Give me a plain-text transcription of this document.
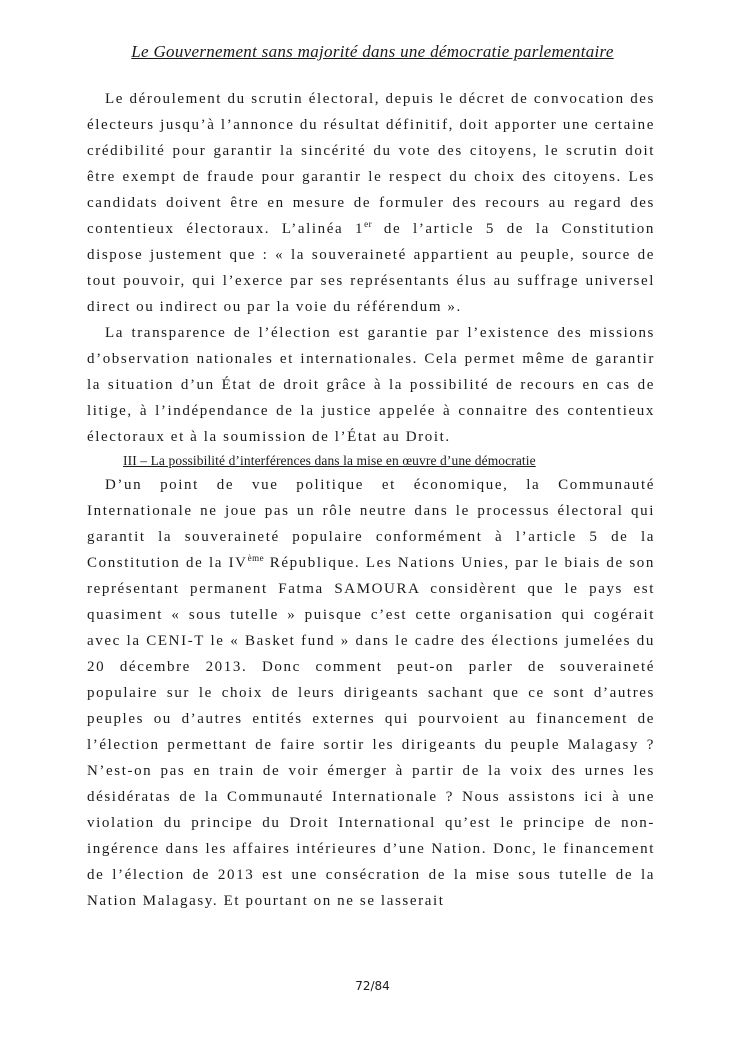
Le Gouvernement sans majorité dans une démocratie parlementaire

Le déroulement du scrutin électoral, depuis le décret de convocation des électeurs jusqu’à l’annonce du résultat définitif, doit apporter une certaine crédibilité pour garantir la sincérité du vote des citoyens, le scrutin doit être exempt de fraude pour garantir le respect du choix des citoyens. Les candidats doivent être en mesure de formuler des recours au regard des contentieux électoraux. L’alinéa 1er de l’article 5 de la Constitution dispose justement que : « la souveraineté appartient au peuple, source de tout pouvoir, qui l’exerce par ses représentants élus au suffrage universel direct ou indirect ou par la voie du référendum ».

La transparence de l’élection est garantie par l’existence des missions d’observation nationales et internationales. Cela permet même de garantir la situation d’un État de droit grâce à la possibilité de recours en cas de litige, à l’indépendance de la justice appelée à connaitre des contentieux électoraux et à la soumission de l’État au Droit.

III – La possibilité d’interférences dans la mise en œuvre d’une démocratie

D’un point de vue politique et économique, la Communauté Internationale ne joue pas un rôle neutre dans le processus électoral qui garantit la souveraineté populaire conformément à l’article 5 de la Constitution de la IVème République. Les Nations Unies, par le biais de son représentant permanent Fatma SAMOURA considèrent que le pays est quasiment « sous tutelle » puisque c’est cette organisation qui cogérait avec la CENI-T le « Basket fund » dans le cadre des élections jumelées du 20 décembre 2013. Donc comment peut-on parler de souveraineté populaire sur le choix de leurs dirigeants sachant que ce sont d’autres peuples ou d’autres entités externes qui pourvoient au financement de l’élection permettant de faire sortir les dirigeants du peuple Malagasy ? N’est-on pas en train de voir émerger à partir de la voix des urnes les désidératas de la Communauté Internationale ? Nous assistons ici à une violation du principe du Droit International qu’est le principe de non-ingérence dans les affaires intérieures d’une Nation. Donc, le financement de l’élection de 2013 est une consécration de la mise sous tutelle de la Nation Malagasy. Et pourtant on ne se lasserait

72/84
